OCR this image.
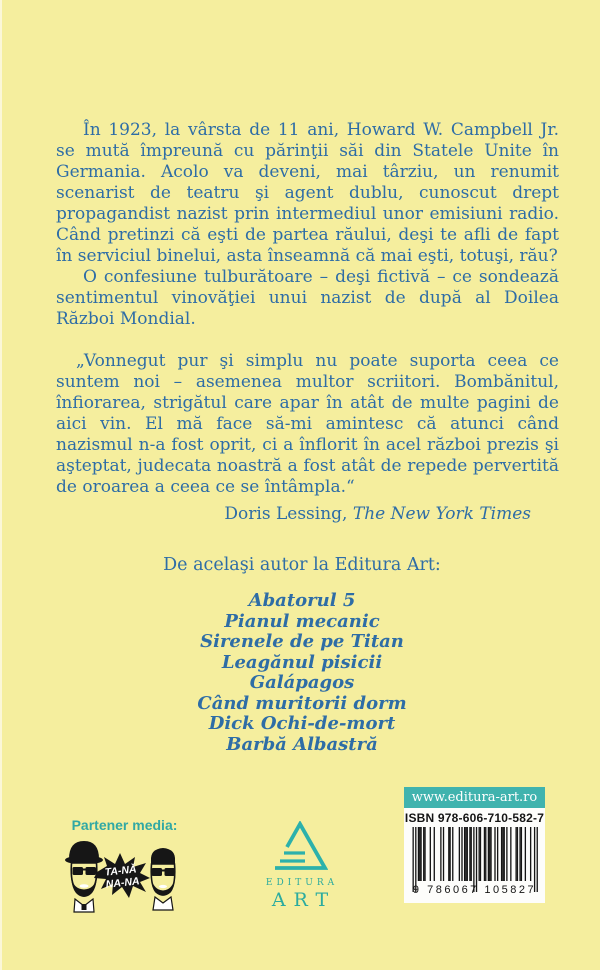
În 1923, la vârsta de 11 ani, Howard W. Campbell Jr. se mută împreună cu părinţii săi din Statele Unite în Germania. Acolo va deveni, mai târziu, un renumit scenarist de teatru şi agent dublu, cunoscut drept propagandist nazist prin intermediul unor emisiuni radio. Când pretinzi că eşti de partea răului, deşi te afli de fapt în serviciul binelui, asta înseamnă că mai eşti, totuşi, rău?

O confesiune tulburătoare – deşi fictivă – ce sondează sentimentul vinovăţiei unui nazist de după al Doilea Război Mondial.

„Vonnegut pur şi simplu nu poate suporta ceea ce suntem noi – asemenea multor scriitori. Bombănitul, înfiorarea, strigătul care apar în atât de multe pagini de aici vin. El mă face să-mi amintesc că atunci când nazismul n-a fost oprit, ci a înflorit în acel război prezis şi aşteptat, judecata noastră a fost atât de repede pervertită de oroarea a ceea ce se întâmpla.“

Doris Lessing, The New York Times

De acelaşi autor la Editura Art:
Abatorul 5
Pianul mecanic
Sirenele de pe Titan
Leagănul pisicii
Galápagos
Când muritorii dorm
Dick Ochi-de-mort
Barbă Albastră
Partener media:
TA-NĂ
NA-NA	EDITURA
ART
www.editura-art.ro
ISBN 978-606-710-582-7
9 786067 105827
